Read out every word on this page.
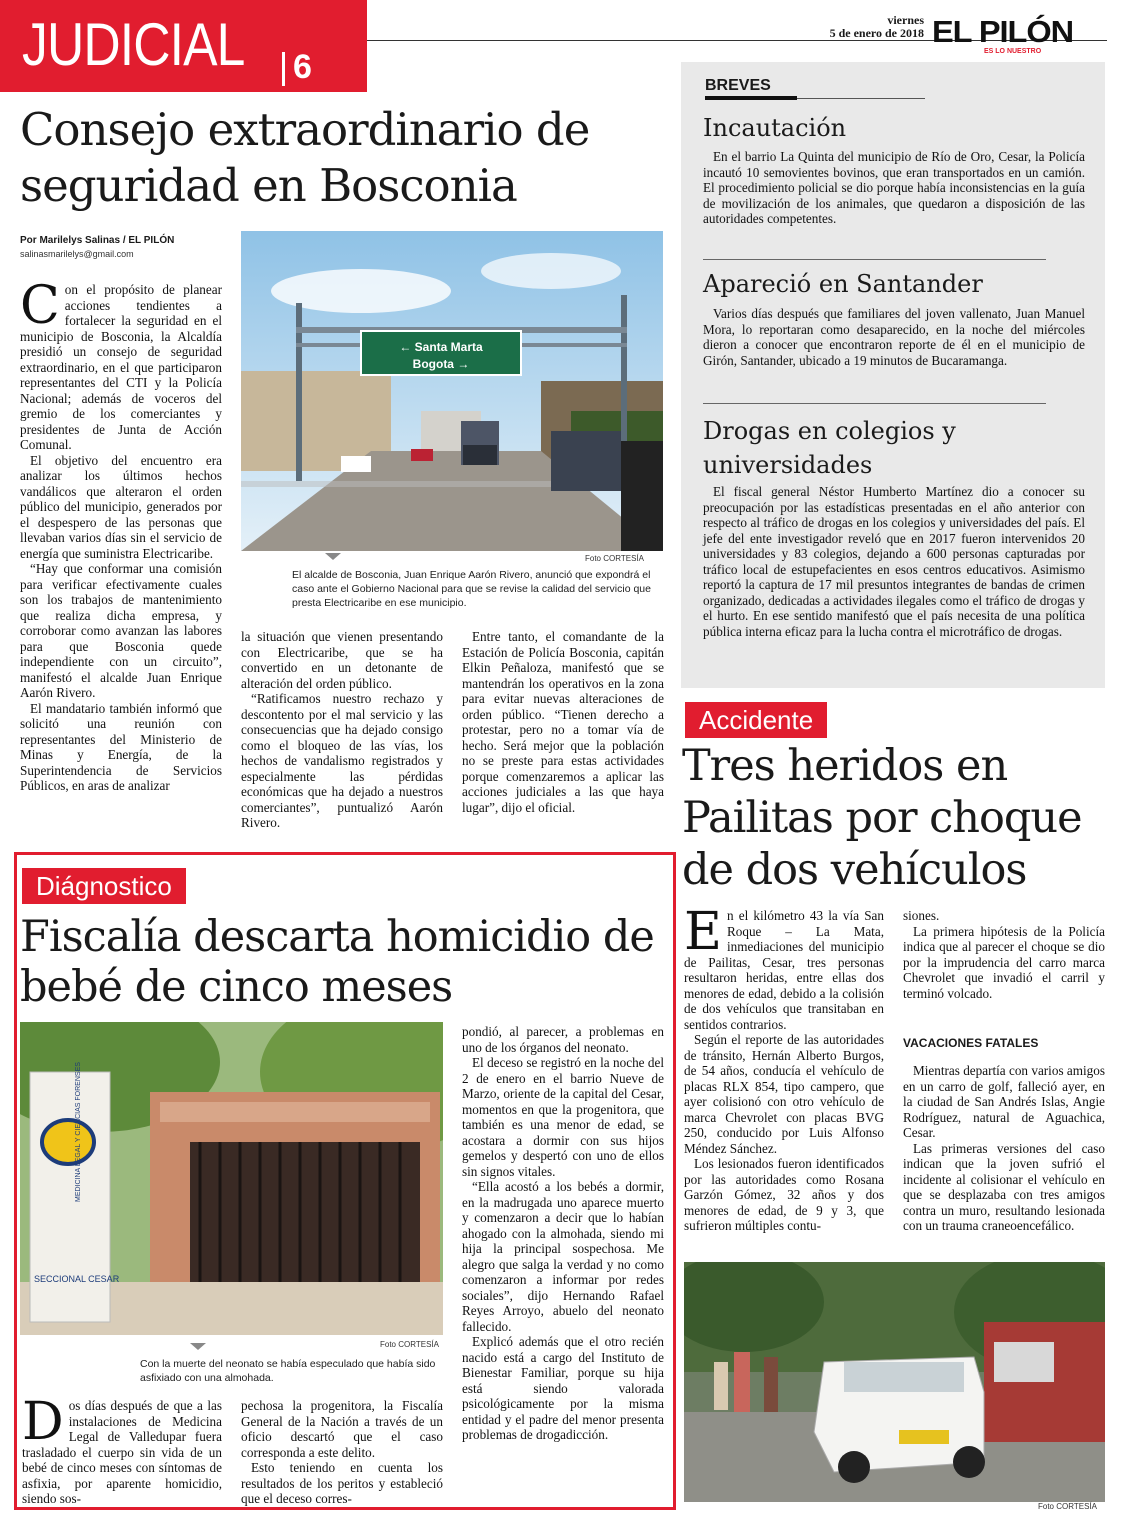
JUDICIAL 6
viernes
5 de enero de 2018 EL PILÓN
ES LO NUESTRO
Consejo extraordinario de seguridad en Bosconia
Por Marilelys Salinas / EL PILÓN
salinasmarilelys@gmail.com

Con el propósito de planear acciones tendientes a fortalecer la seguridad en el municipio de Bosconia, la Alcaldía presidió un consejo de seguridad extraordinario, en el que participaron representantes del CTI y la Policía Nacional; además de voceros del gremio de los comerciantes y presidentes de Junta de Acción Comunal.

El objetivo del encuentro era analizar los últimos hechos vandálicos que alteraron el orden público del municipio, generados por el despespero de las personas que llevaban varios días sin el servicio de energía que suministra Electricaribe.

“Hay que conformar una comisión para verificar efectivamente cuales son los trabajos de mantenimiento que realiza dicha empresa, y corroborar como avanzan las labores para que Bosconia quede independiente con un circuito”, manifestó el alcalde Juan Enrique Aarón Rivero.

El mandatario también informó que solicitó una reunión con representantes del Ministerio de Minas y Energía, de la Superintendencia de Servicios Públicos, en aras de analizar

← Santa Marta
Bogota →
Foto CORTESÍA
El alcalde de Bosconia, Juan Enrique Aarón Rivero, anunció que expondrá el caso ante el Gobierno Nacional para que se revise la calidad del servicio que presta Electricaribe en ese municipio.

la situación que vienen presentando con Electricaribe, que se ha convertido en un detonante de alteración del orden público.

“Ratificamos nuestro rechazo y descontento por el mal servicio y las consecuencias que ha dejado consigo como el bloqueo de las vías, los hechos de vandalismo registrados y especialmente las pérdidas económicas que ha dejado a nuestros comerciantes”, puntualizó Aarón Rivero.

Entre tanto, el comandante de la Estación de Policía Bosconia, capitán Elkin Peñaloza, manifestó que se mantendrán los operativos en la zona para evitar nuevas alteraciones de orden público. “Tienen derecho a protestar, pero no a tomar vía de hecho. Será mejor que la población no se preste para estas actividades porque comenzaremos a aplicar las acciones judiciales a las que haya lugar”, dijo el oficial.

BREVES
Incautación

En el barrio La Quinta del municipio de Río de Oro, Cesar, la Policía incautó 10 semovientes bovinos, que eran transportados en un camión. El procedimiento policial se dio porque había inconsistencias en la guía de movilización de los animales, que quedaron a disposición de las autoridades competentes.

Apareció en Santander

Varios días después que familiares del joven vallenato, Juan Manuel Mora, lo reportaran como desaparecido, en la noche del miércoles dieron a conocer que encontraron reporte de él en el municipio de Girón, Santander, ubicado a 19 minutos de Bucaramanga.

Drogas en colegios y universidades

El fiscal general Néstor Humberto Martínez dio a conocer su preocupación por las estadísticas presentadas en el año anterior con respecto al tráfico de drogas en los colegios y universidades del país. El jefe del ente investigador reveló que en 2017 fueron intervenidos 20 universidades y 83 colegios, dejando a 600 personas capturadas por tráfico local de estupefacientes en esos centros educativos. Asimismo reportó la captura de 17 mil presuntos integrantes de bandas de crimen organizado, dedicadas a actividades ilegales como el tráfico de drogas y el hurto. En ese sentido manifestó que el país necesita de una política pública interna eficaz para la lucha contra el microtráfico de drogas.

Accidente
Tres heridos en Pailitas por choque de dos vehículos

En el kilómetro 43 la vía San Roque – La Mata, inmediaciones del municipio de Pailitas, Cesar, tres personas resultaron heridas, entre ellas dos menores de edad, debido a la colisión de dos vehículos que transitaban en sentidos contrarios.

Según el reporte de las autoridades de tránsito, Hernán Alberto Burgos, de 54 años, conducía el vehículo de placas RLX 854, tipo campero, que ayer colisionó con otro vehículo de marca Chevrolet con placas BVG 250, conducido por Luis Alfonso Méndez Sánchez.

Los lesionados fueron identificados por las autoridades como Rosana Garzón Gómez, 32 años y dos menores de edad, de 9 y 3, que sufrieron múltiples contu-

siones.

La primera hipótesis de la Policía indica que al parecer el choque se dio por la imprudencia del carro marca Chevrolet que invadió el carril y terminó volcado.

VACACIONES FATALES

Mientras departía con varios amigos en un carro de golf, falleció ayer, en la ciudad de San Andrés Islas, Angie Rodríguez, natural de Aguachica, Cesar.

Las primeras versiones del caso indican que la joven sufrió el incidente al colisionar el vehículo en que se desplazaba con tres amigos contra un muro, resultando lesionada con un trauma craneoencefálico.

Foto CORTESÍA
Diágnostico
Fiscalía descarta homicidio de bebé de cinco meses
SECCIONAL CESAR
MEDICINA LEGAL Y CIENCIAS FORENSES
Foto CORTESÍA
Con la muerte del neonato se había especulado que había sido asfixiado con una almohada.

Dos días después de que a las instalaciones de Medicina Legal de Valledupar fuera trasladado el cuerpo sin vida de un bebé de cinco meses con síntomas de asfixia, por aparente homicidio, siendo sos-

pechosa la progenitora, la Fiscalía General de la Nación a través de un oficio descartó que el caso corresponda a este delito.

Esto teniendo en cuenta los resultados de los peritos y estableció que el deceso corres-

pondió, al parecer, a problemas en uno de los órganos del neonato.

El deceso se registró en la noche del 2 de enero en el barrio Nueve de Marzo, oriente de la capital del Cesar, momentos en que la progenitora, que también es una menor de edad, se acostara a dormir con sus hijos gemelos y despertó con uno de ellos sin signos vitales.

“Ella acostó a los bebés a dormir, en la madrugada uno aparece muerto y comenzaron a decir que lo habían ahogado con la almohada, siendo mi hija la principal sospechosa. Me alegro que salga la verdad y no como comenzaron a informar por redes sociales”, dijo Hernando Rafael Reyes Arroyo, abuelo del neonato fallecido.

Explicó además que el otro recién nacido está a cargo del Instituto de Bienestar Familiar, porque su hija está siendo valorada psicológicamente por la misma entidad y el padre del menor presenta problemas de drogadicción.
